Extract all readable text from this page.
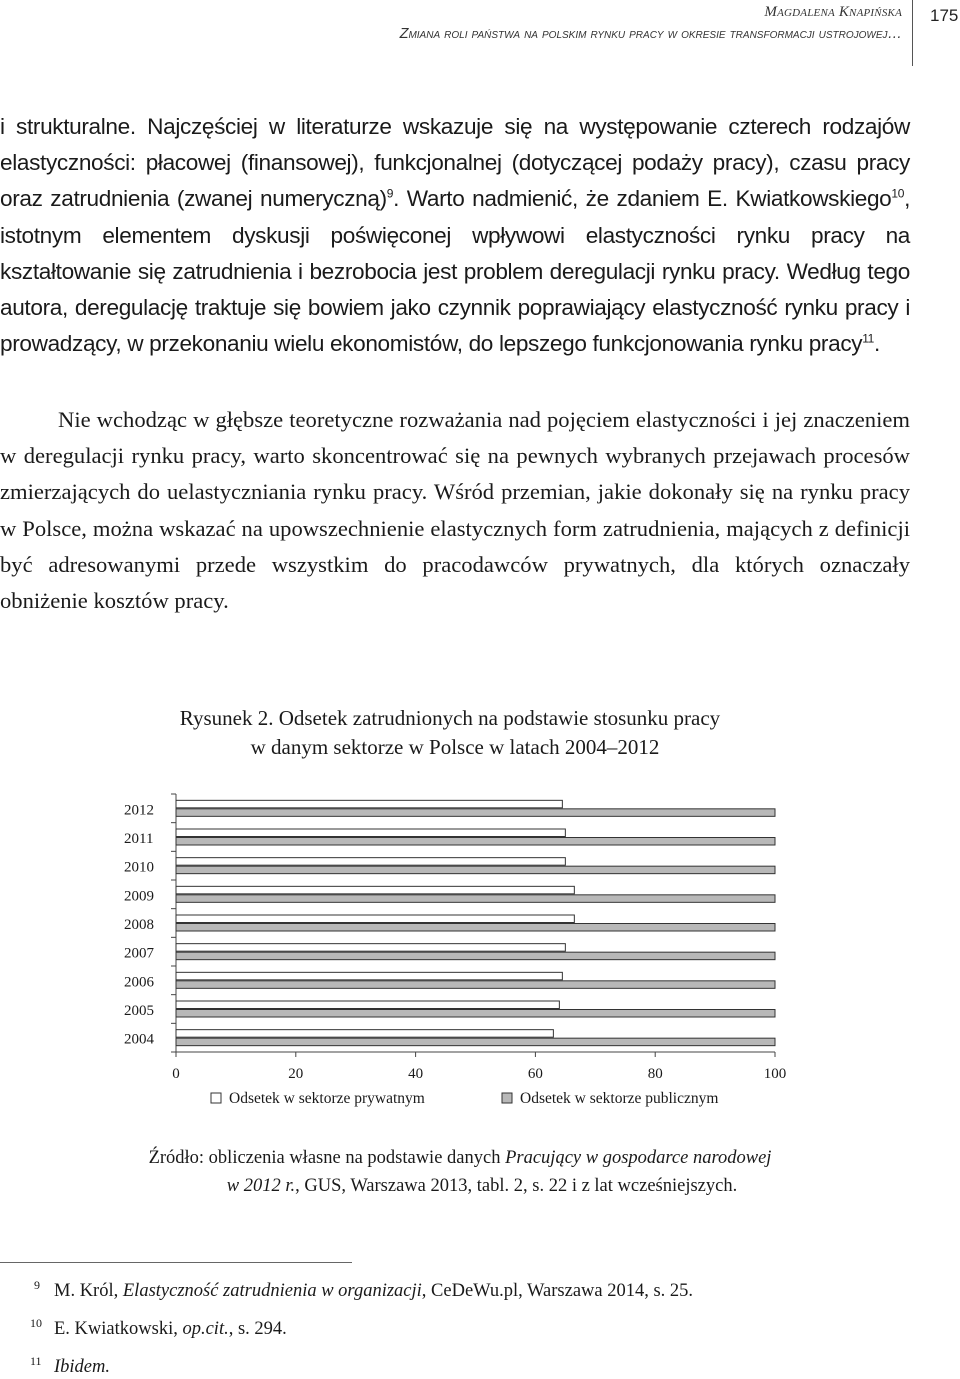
Magdalena Knapińska
Zmiana roli państwa na polskim rynku pracy w okresie transformacji ustrojowej…
175

i strukturalne. Najczęściej w literaturze wskazuje się na występowanie czterech rodzajów elastyczności: płacowej (finansowej), funkcjonalnej (dotyczącej podaży pracy), czasu pracy oraz zatrudnienia (zwanej numeryczną)$^9$. Warto nadmienić, że zdaniem E. Kwiatkowskiego$^{10}$, istotnym elementem dyskusji poświęconej wpływowi elastyczności rynku pracy na kształtowanie się zatrudnienia i bezrobocia jest problem deregulacji rynku pracy. Według tego autora, deregulację traktuje się bowiem jako czynnik poprawiający elastyczność rynku pracy i prowadzący, w przekonaniu wielu ekonomistów, do lepszego funkcjonowania rynku pracy$^{11}$.

Nie wchodząc w głębsze teoretyczne rozważania nad pojęciem elastyczności i jej znaczeniem w deregulacji rynku pracy, warto skoncentrować się na pewnych wybranych przejawach procesów zmierzających do uelastyczniania rynku pracy. Wśród przemian, jakie dokonały się na rynku pracy w Polsce, można wskazać na upowszechnienie elastycznych form zatrudnienia, mających z definicji być adresowanymi przede wszystkim do pracodawców prywatnych, dla których oznaczały obniżenie kosztów pracy.

Rysunek 2. Odsetek zatrudnionych na podstawie stosunku pracy
w danym sektorze w Polsce w latach 2004–2012
2012
2011
2010
2009
2008
2007
2006
2005
2004
0	20	40	60	80	100
Odsetek w sektorze prywatnym	Odsetek w sektorze publicznym
Źródło: obliczenia własne na podstawie danych Pracujący w gospodarce narodowej
w 2012 r., GUS, Warszawa 2013, tabl. 2, s. 22 i z lat wcześniejszych.
9 M. Król, Elastyczność zatrudnienia w organizacji, CeDeWu.pl, Warszawa 2014, s. 25.
10 E. Kwiatkowski, op.cit., s. 294.
11 Ibidem.
